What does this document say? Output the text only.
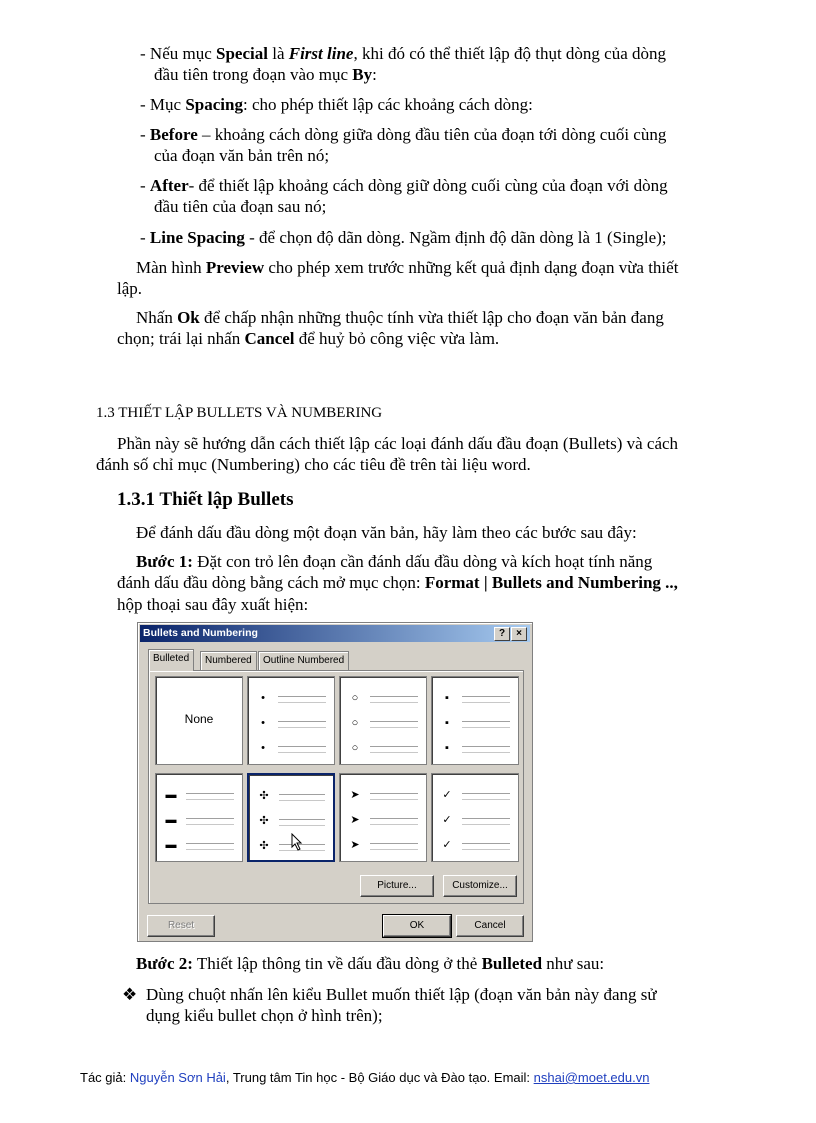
- Nếu mục Special là First line, khi đó có thể thiết lập độ thụt dòng của dòng
đầu tiên trong đoạn vào mục By:
- Mục Spacing: cho phép thiết lập các khoảng cách dòng:
- Before – khoảng cách dòng giữa dòng đầu tiên của đoạn tới dòng cuối cùng
của đoạn văn bản trên nó;
- After- để thiết lập khoảng cách dòng giữ dòng cuối cùng của đoạn với dòng
đầu tiên của đoạn sau nó;
- Line Spacing - để chọn độ dãn dòng. Ngầm định độ dãn dòng là 1 (Single);
Màn hình Preview cho phép xem trước những kết quả định dạng đoạn vừa thiết
lập.
Nhấn Ok để chấp nhận những thuộc tính vừa thiết lập cho đoạn văn bản đang
chọn; trái lại nhấn Cancel để huỷ bỏ công việc vừa làm.
1.3 THIẾT LẬP BULLETS VÀ NUMBERING
Phần này sẽ hướng dẫn cách thiết lập các loại đánh dấu đầu đoạn (Bullets) và cách
đánh số chỉ mục (Numbering) cho các tiêu đề trên tài liệu word.
1.3.1 Thiết lập Bullets
Để đánh dấu đầu dòng một đoạn văn bản, hãy làm theo các bước sau đây:
Bước 1: Đặt con trỏ lên đoạn cần đánh dấu đầu dòng và kích hoạt tính năng
đánh dấu đầu dòng bằng cách mở mục chọn: Format | Bullets and Numbering ..,
hộp thoại sau đây xuất hiện:
Bullets and Numbering	?	×
Bulleted	Numbered	Outline Numbered
None
•
•
•
○
○
○
▪
▪
▪
▬
▬
▬
✣
✣
✣
➤
➤
➤
✓
✓
✓
Picture...	Customize...
Reset	OK	Cancel
Bước 2: Thiết lập thông tin về dấu đầu dòng ở thẻ Bulleted như sau:
❖ Dùng chuột nhấn lên kiểu Bullet muốn thiết lập (đoạn văn bản này đang sử
dụng kiểu bullet chọn ở hình trên);
Tác giả: Nguyễn Sơn Hải, Trung tâm Tin học - Bộ Giáo dục và Đào tạo. Email: nshai@moet.edu.vn
